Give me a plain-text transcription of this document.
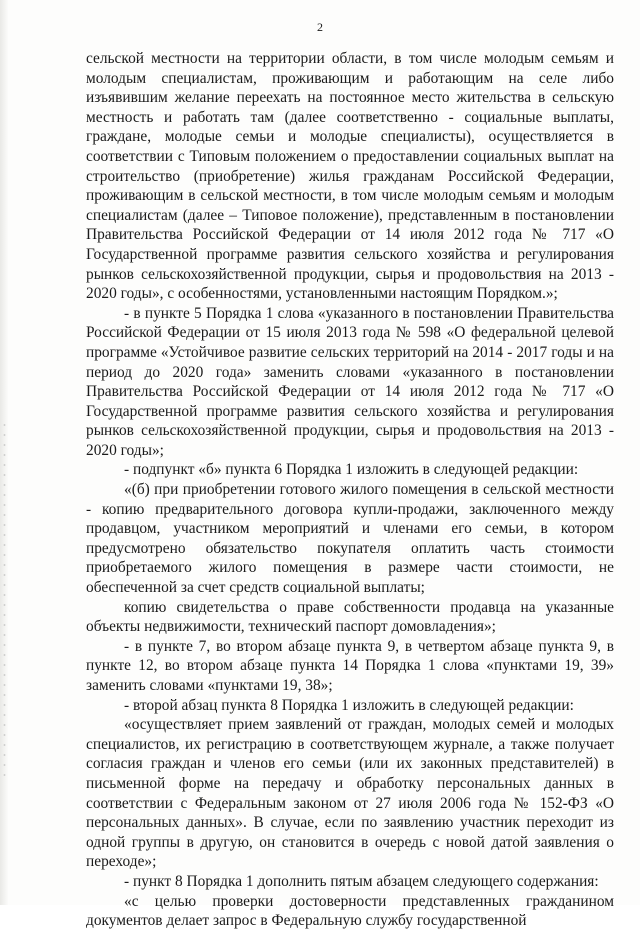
2

сельской местности на территории области, в том числе молодым семьям и молодым специалистам, проживающим и работающим на селе либо изъявившим желание переехать на постоянное место жительства в сельскую местность и работать там (далее соответственно - социальные выплаты, граждане, молодые семьи и молодые специалисты), осуществляется в соответствии с Типовым положением о предоставлении социальных выплат на строительство (приобретение) жилья гражданам Российской Федерации, проживающим в сельской местности, в том числе молодым семьям и молодым специалистам (далее – Типовое положение), представленным в постановлении Правительства Российской Федерации от 14 июля 2012 года № 717 «О Государственной программе развития сельского хозяйства и регулирования рынков сельскохозяйственной продукции, сырья и продовольствия на 2013 - 2020 годы», с особенностями, установленными настоящим Порядком.»;

- в пункте 5 Порядка 1 слова «указанного в постановлении Правительства Российской Федерации от 15 июля 2013 года № 598 «О федеральной целевой программе «Устойчивое развитие сельских территорий на 2014 - 2017 годы и на период до 2020 года» заменить словами «указанного в постановлении Правительства Российской Федерации от 14 июля 2012 года № 717 «О Государственной программе развития сельского хозяйства и регулирования рынков сельскохозяйственной продукции, сырья и продовольствия на 2013 - 2020 годы»;

- подпункт «б» пункта 6 Порядка 1 изложить в следующей редакции:

«(б) при приобретении готового жилого помещения в сельской местности - копию предварительного договора купли-продажи, заключенного между продавцом, участником мероприятий и членами его семьи, в котором предусмотрено обязательство покупателя оплатить часть стоимости приобретаемого жилого помещения в размере части стоимости, не обеспеченной за счет средств социальной выплаты;

копию свидетельства о праве собственности продавца на указанные объекты недвижимости, технический паспорт домовладения»;

- в пункте 7, во втором абзаце пункта 9, в четвертом абзаце пункта 9, в пункте 12, во втором абзаце пункта 14 Порядка 1 слова «пунктами 19, 39» заменить словами «пунктами 19, 38»;

- второй абзац пункта 8 Порядка 1 изложить в следующей редакции:

«осуществляет прием заявлений от граждан, молодых семей и молодых специалистов, их регистрацию в соответствующем журнале, а также получает согласия граждан и членов его семьи (или их законных представителей) в письменной форме на передачу и обработку персональных данных в соответствии с Федеральным законом от 27 июля 2006 года № 152-ФЗ «О персональных данных». В случае, если по заявлению участник переходит из одной группы в другую, он становится в очередь с новой датой заявления о переходе»;

- пункт 8 Порядка 1 дополнить пятым абзацем следующего содержания:

«с целью проверки достоверности представленных гражданином документов делает запрос в Федеральную службу государственной
